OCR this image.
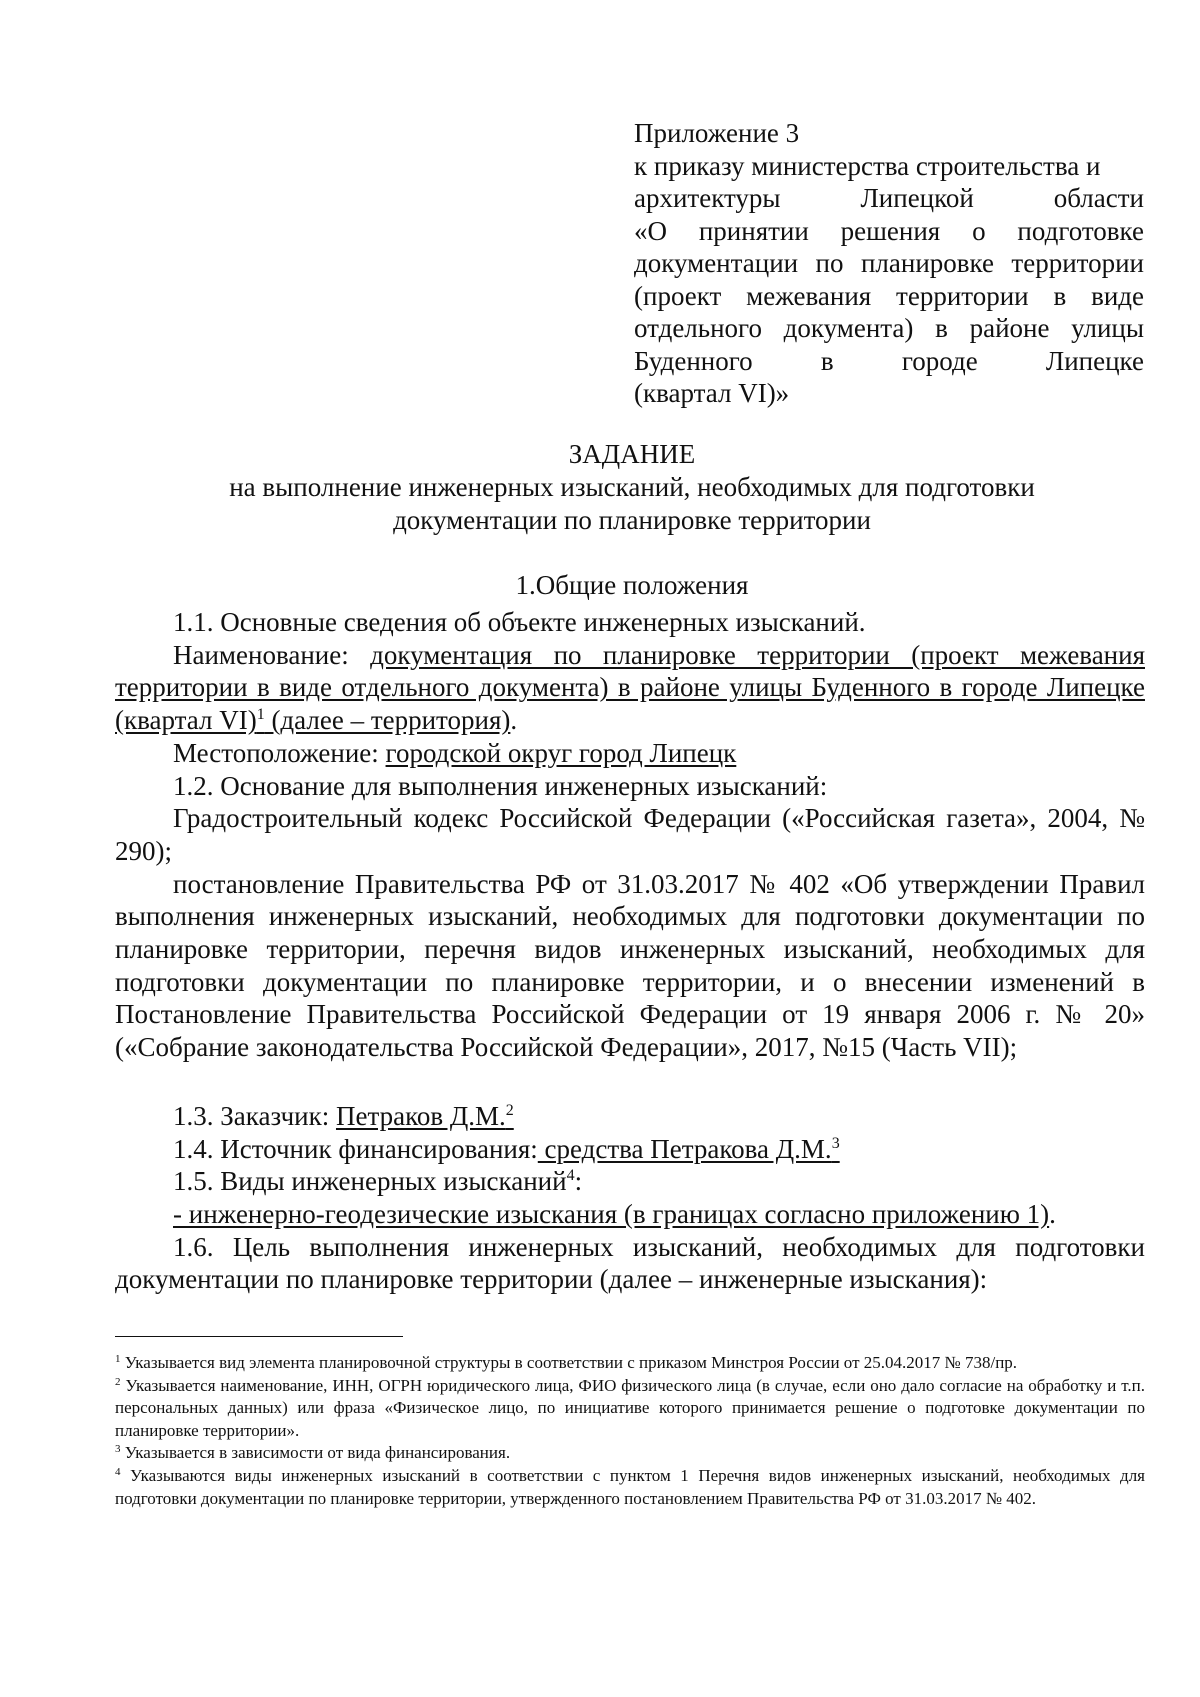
Приложение 3
к приказу министерства строительства и
архитектуры Липецкой области
«О принятии решения о подготовке
документации по планировке территории
(проект межевания территории в виде
отдельного документа) в районе улицы
Буденного в городе Липецке
(квартал VI)»
ЗАДАНИЕ
на выполнение инженерных изысканий, необходимых для подготовки
документации по планировке территории
1.Общие положения

1.1. Основные сведения об объекте инженерных изысканий.

Наименование: документация по планировке территории (проект межевания территории в виде отдельного документа) в районе улицы Буденного в городе Липецке (квартал VI)$^1$ (далее – территория).

Местоположение: городской округ город Липецк

1.2. Основание для выполнения инженерных изысканий:

Градостроительный кодекс Российской Федерации («Российская газета», 2004, № 290);

постановление Правительства РФ от 31.03.2017 № 402 «Об утверждении Правил выполнения инженерных изысканий, необходимых для подготовки документации по планировке территории, перечня видов инженерных изысканий, необходимых для подготовки документации по планировке территории, и о внесении изменений в Постановление Правительства Российской Федерации от 19 января 2006 г. № 20» («Собрание законодательства Российской Федерации», 2017, №15 (Часть VII);

1.3. Заказчик: Петраков Д.М.$^2$

1.4. Источник финансирования: средства Петракова Д.М.$^3$

1.5. Виды инженерных изысканий$^4$:

- инженерно-геодезические изыскания (в границах согласно приложению 1).

1.6. Цель выполнения инженерных изысканий, необходимых для подготовки документации по планировке территории (далее – инженерные изыскания):

$^1$ Указывается вид элемента планировочной структуры в соответствии с приказом Минстроя России от 25.04.2017 № 738/пр.

$^2$ Указывается наименование, ИНН, ОГРН юридического лица, ФИО физического лица (в случае, если оно дало согласие на обработку и т.п. персональных данных) или фраза «Физическое лицо, по инициативе которого принимается решение о подготовке документации по планировке территории».

$^3$ Указывается в зависимости от вида финансирования.

$^4$ Указываются виды инженерных изысканий в соответствии с пунктом 1 Перечня видов инженерных изысканий, необходимых для подготовки документации по планировке территории, утвержденного постановлением Правительства РФ от 31.03.2017 № 402.
